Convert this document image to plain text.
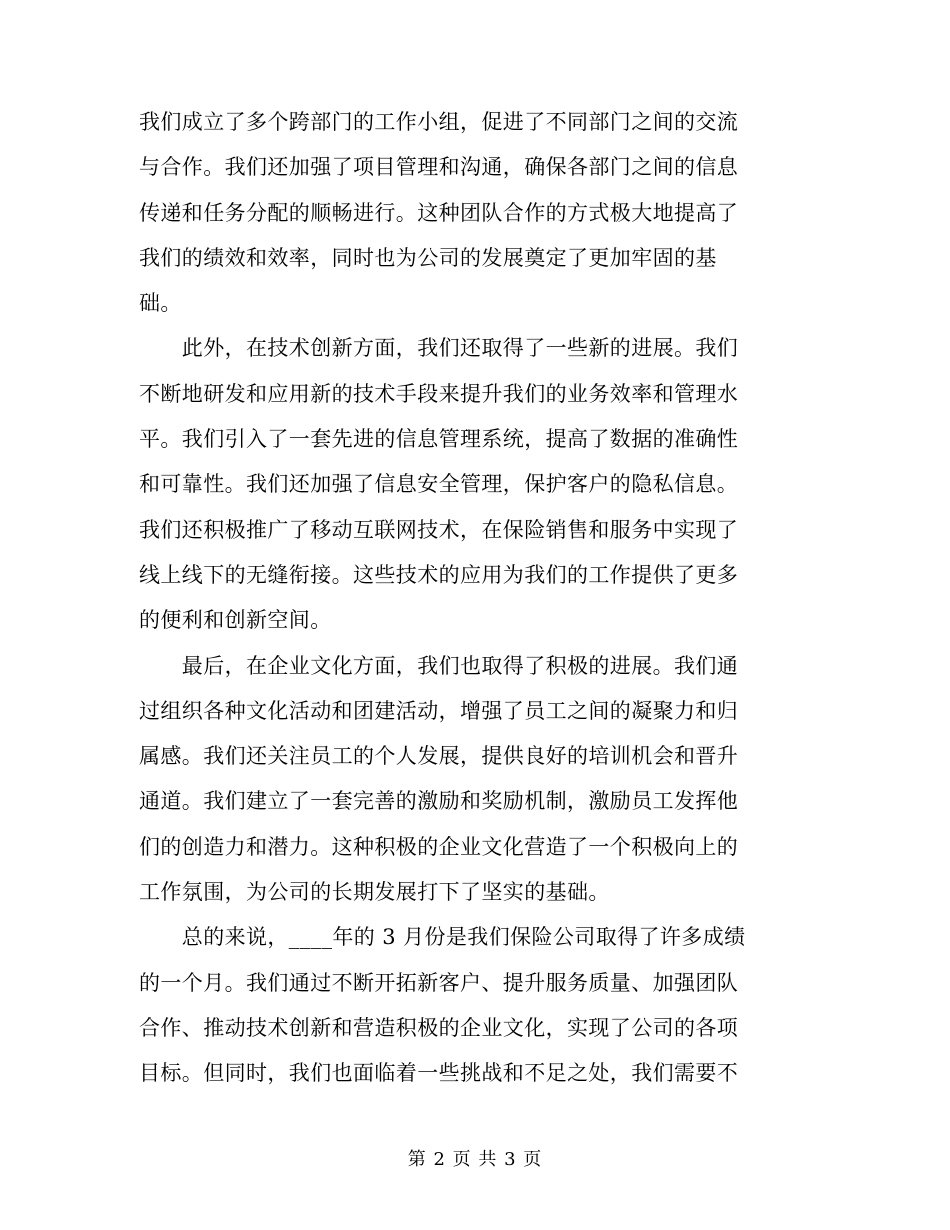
我们成立了多个跨部门的工作小组，促进了不同部门之间的交流
与合作。我们还加强了项目管理和沟通，确保各部门之间的信息
传递和任务分配的顺畅进行。这种团队合作的方式极大地提高了
我们的绩效和效率，同时也为公司的发展奠定了更加牢固的基
础。
　　此外，在技术创新方面，我们还取得了一些新的进展。我们
不断地研发和应用新的技术手段来提升我们的业务效率和管理水
平。我们引入了一套先进的信息管理系统，提高了数据的准确性
和可靠性。我们还加强了信息安全管理，保护客户的隐私信息。
我们还积极推广了移动互联网技术，在保险销售和服务中实现了
线上线下的无缝衔接。这些技术的应用为我们的工作提供了更多
的便利和创新空间。
　　最后，在企业文化方面，我们也取得了积极的进展。我们通
过组织各种文化活动和团建活动，增强了员工之间的凝聚力和归
属感。我们还关注员工的个人发展，提供良好的培训机会和晋升
通道。我们建立了一套完善的激励和奖励机制，激励员工发挥他
们的创造力和潜力。这种积极的企业文化营造了一个积极向上的
工作氛围，为公司的长期发展打下了坚实的基础。
　　总的来说，____年的 3 月份是我们保险公司取得了许多成绩
的一个月。我们通过不断开拓新客户、提升服务质量、加强团队
合作、推动技术创新和营造积极的企业文化，实现了公司的各项
目标。但同时，我们也面临着一些挑战和不足之处，我们需要不
第 2 页 共 3 页
